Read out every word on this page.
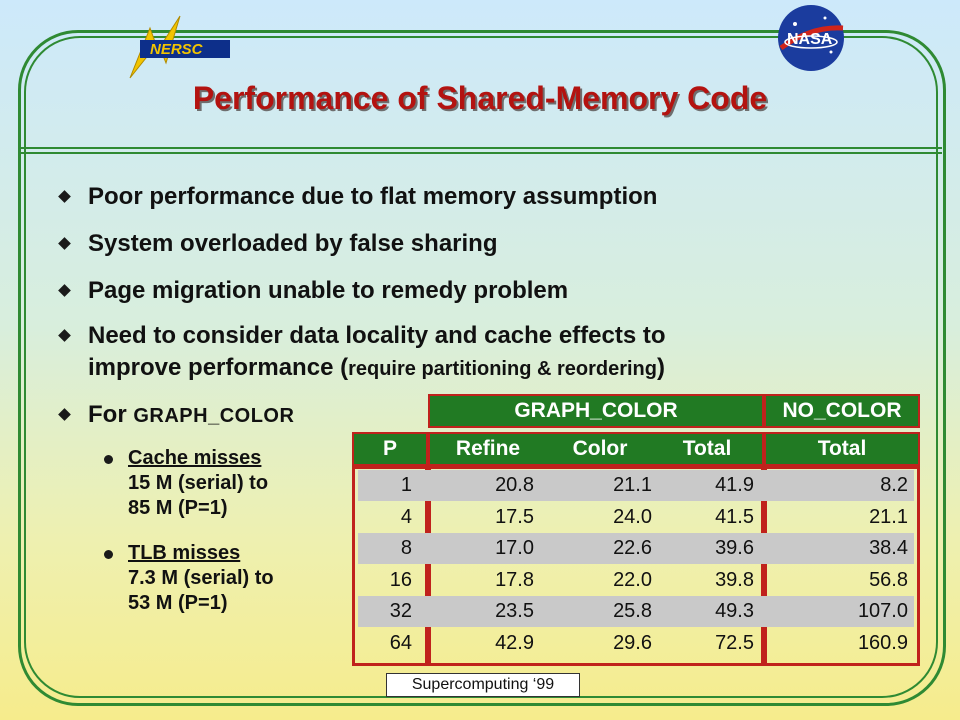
NERSC
NASA
Performance of Shared-Memory Code
Poor performance due to flat memory assumption
System overloaded by false sharing
Page migration unable to remedy problem
Need to consider data locality and cache effects to
improve performance (require partitioning & reordering)
For GRAPH_COLOR
Cache misses
15 M (serial) to
85 M (P=1)
TLB misses
7.3 M (serial) to
53 M (P=1)
GRAPH_COLOR	NO_COLOR
P	Refine	Color	Total	Total
1	20.8	21.1	41.9	8.2
4	17.5	24.0	41.5	21.1
8	17.0	22.6	39.6	38.4
16	17.8	22.0	39.8	56.8
32	23.5	25.8	49.3	107.0
64	42.9	29.6	72.5	160.9
Supercomputing ‘99
